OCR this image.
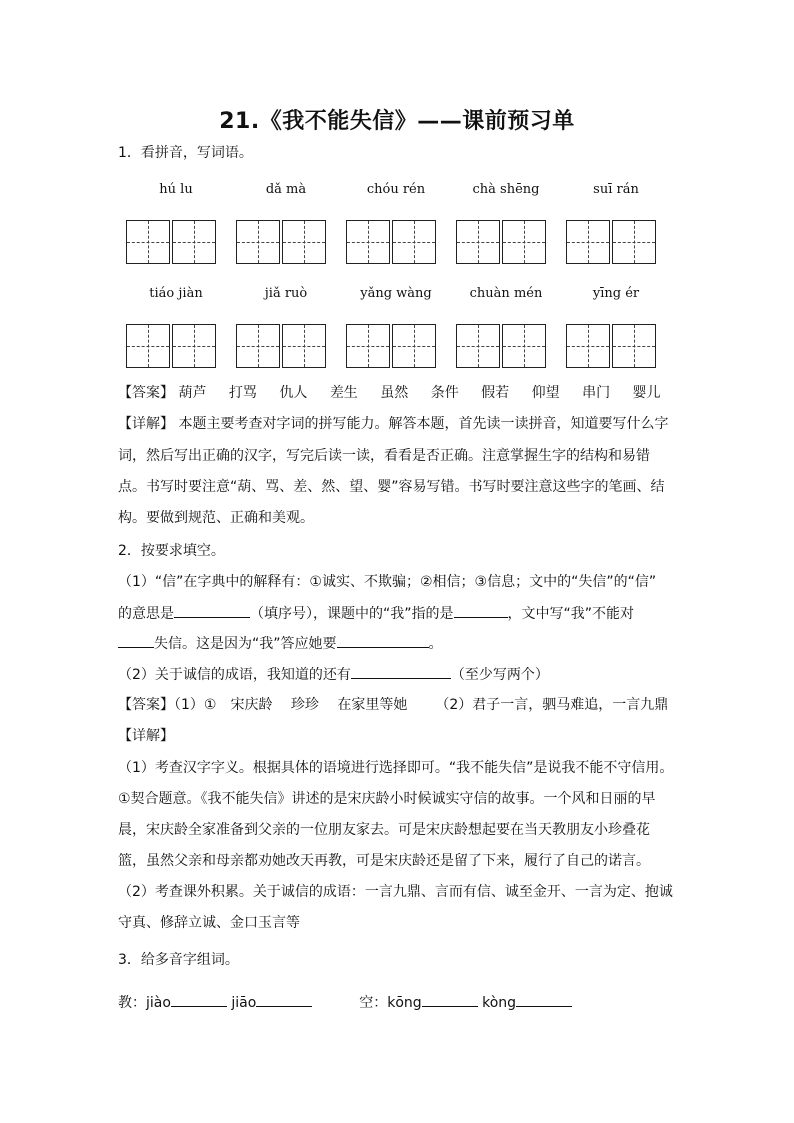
21.《我不能失信》——课前预习单
1．看拼音，写词语。
hú lu	dǎ mà	chóu rén	chà shēng	suī rán
tiáo jiàn	jiǎ ruò	yǎng wàng	chuàn mén	yīng ér
【答案】 葫芦 打骂 仇人 差生 虽然 条件 假若 仰望 串门 婴儿
【详解】 本题主要考查对字词的拼写能力。解答本题，首先读一读拼音，知道要写什么字
词，然后写出正确的汉字，写完后读一读，看看是否正确。注意掌握生字的结构和易错
点。书写时要注意“葫、骂、差、然、望、婴”容易写错。书写时要注意这些字的笔画、结
构。要做到规范、正确和美观。
2．按要求填空。
（1）“信”在字典中的解释有：①诚实、不欺骗；②相信；③信息；文中的“失信”的“信”
的意思是	（填序号），课题中的“我”指的是	，文中写“我”不能对
失信。这是因为“我”答应她要	。
（2）关于诚信的成语，我知道的还有	（至少写两个）
【答案】（1）①　宋庆龄　 珍珍　 在家里等她 （2）君子一言，驷马难追，一言九鼎
【详解】
（1）考查汉字字义。根据具体的语境进行选择即可。“我不能失信”是说我不能不守信用。
①契合题意。《我不能失信》讲述的是宋庆龄小时候诚实守信的故事。一个风和日丽的早
晨，宋庆龄全家准备到父亲的一位朋友家去。可是宋庆龄想起要在当天教朋友小珍叠花
篮，虽然父亲和母亲都劝她改天再教，可是宋庆龄还是留了下来，履行了自己的诺言。
（2）考查课外积累。关于诚信的成语：一言九鼎、言而有信、诚至金开、一言为定、抱诚
守真、修辞立诚、金口玉言等
3．给多音字组词。
教：jiào	jiāo	空：kōng	kòng
